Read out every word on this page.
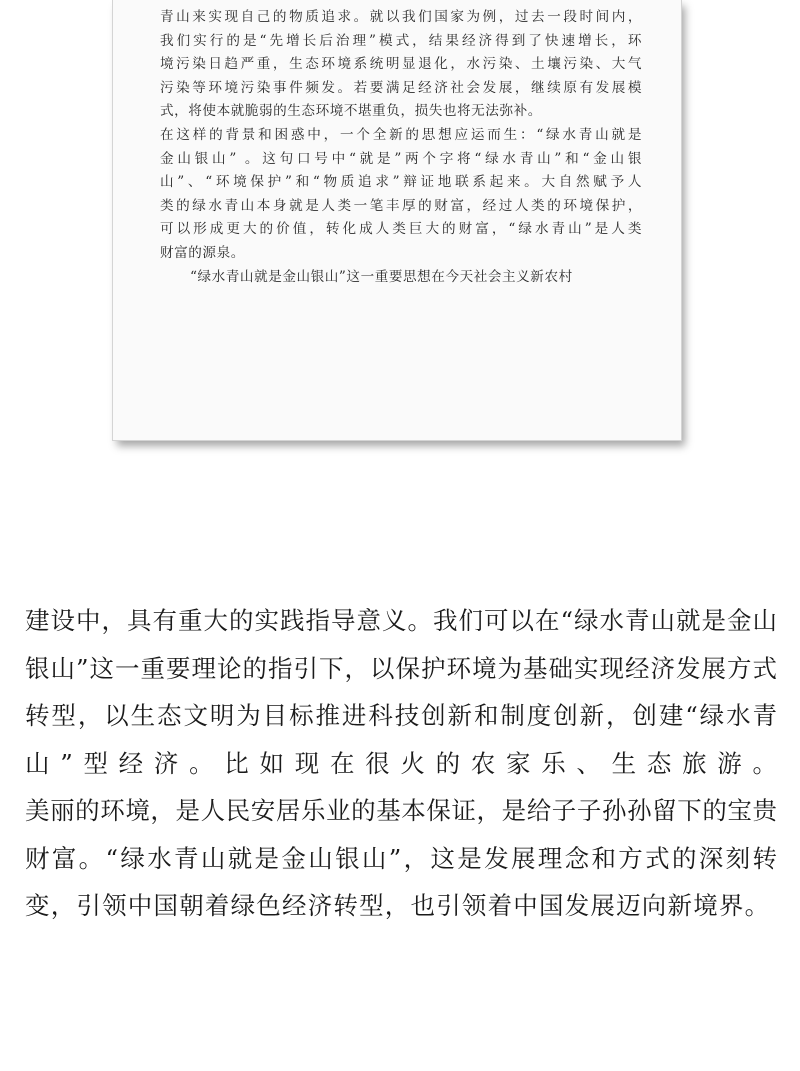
青山来实现自己的物质追求。就以我们国家为例，过去一段时间内，
我们实行的是“先增长后治理”模式，结果经济得到了快速增长，环
境污染日趋严重，生态环境系统明显退化，水污染、土壤污染、大气
污染等环境污染事件频发。若要满足经济社会发展，继续原有发展模
式，将使本就脆弱的生态环境不堪重负，损失也将无法弥补。
在这样的背景和困惑中，一个全新的思想应运而生：“绿水青山就是
金山银山” 。这句口号中“就是”两个字将“绿水青山”和“金山银
山”、“环境保护”和“物质追求”辩证地联系起来。大自然赋予人
类的绿水青山本身就是人类一笔丰厚的财富，经过人类的环境保护，
可以形成更大的价值，转化成人类巨大的财富，“绿水青山”是人类
财富的源泉。
“绿水青山就是金山银山”这一重要思想在今天社会主义新农村
建设中，具有重大的实践指导意义。我们可以在“绿水青山就是金山
银山”这一重要理论的指引下，以保护环境为基础实现经济发展方式
转型，以生态文明为目标推进科技创新和制度创新，创建“绿水青
山”型经济。比如现在很火的农家乐、生态旅游。
美丽的环境，是人民安居乐业的基本保证，是给子子孙孙留下的宝贵
财富。“绿水青山就是金山银山”，这是发展理念和方式的深刻转
变，引领中国朝着绿色经济转型，也引领着中国发展迈向新境界。
